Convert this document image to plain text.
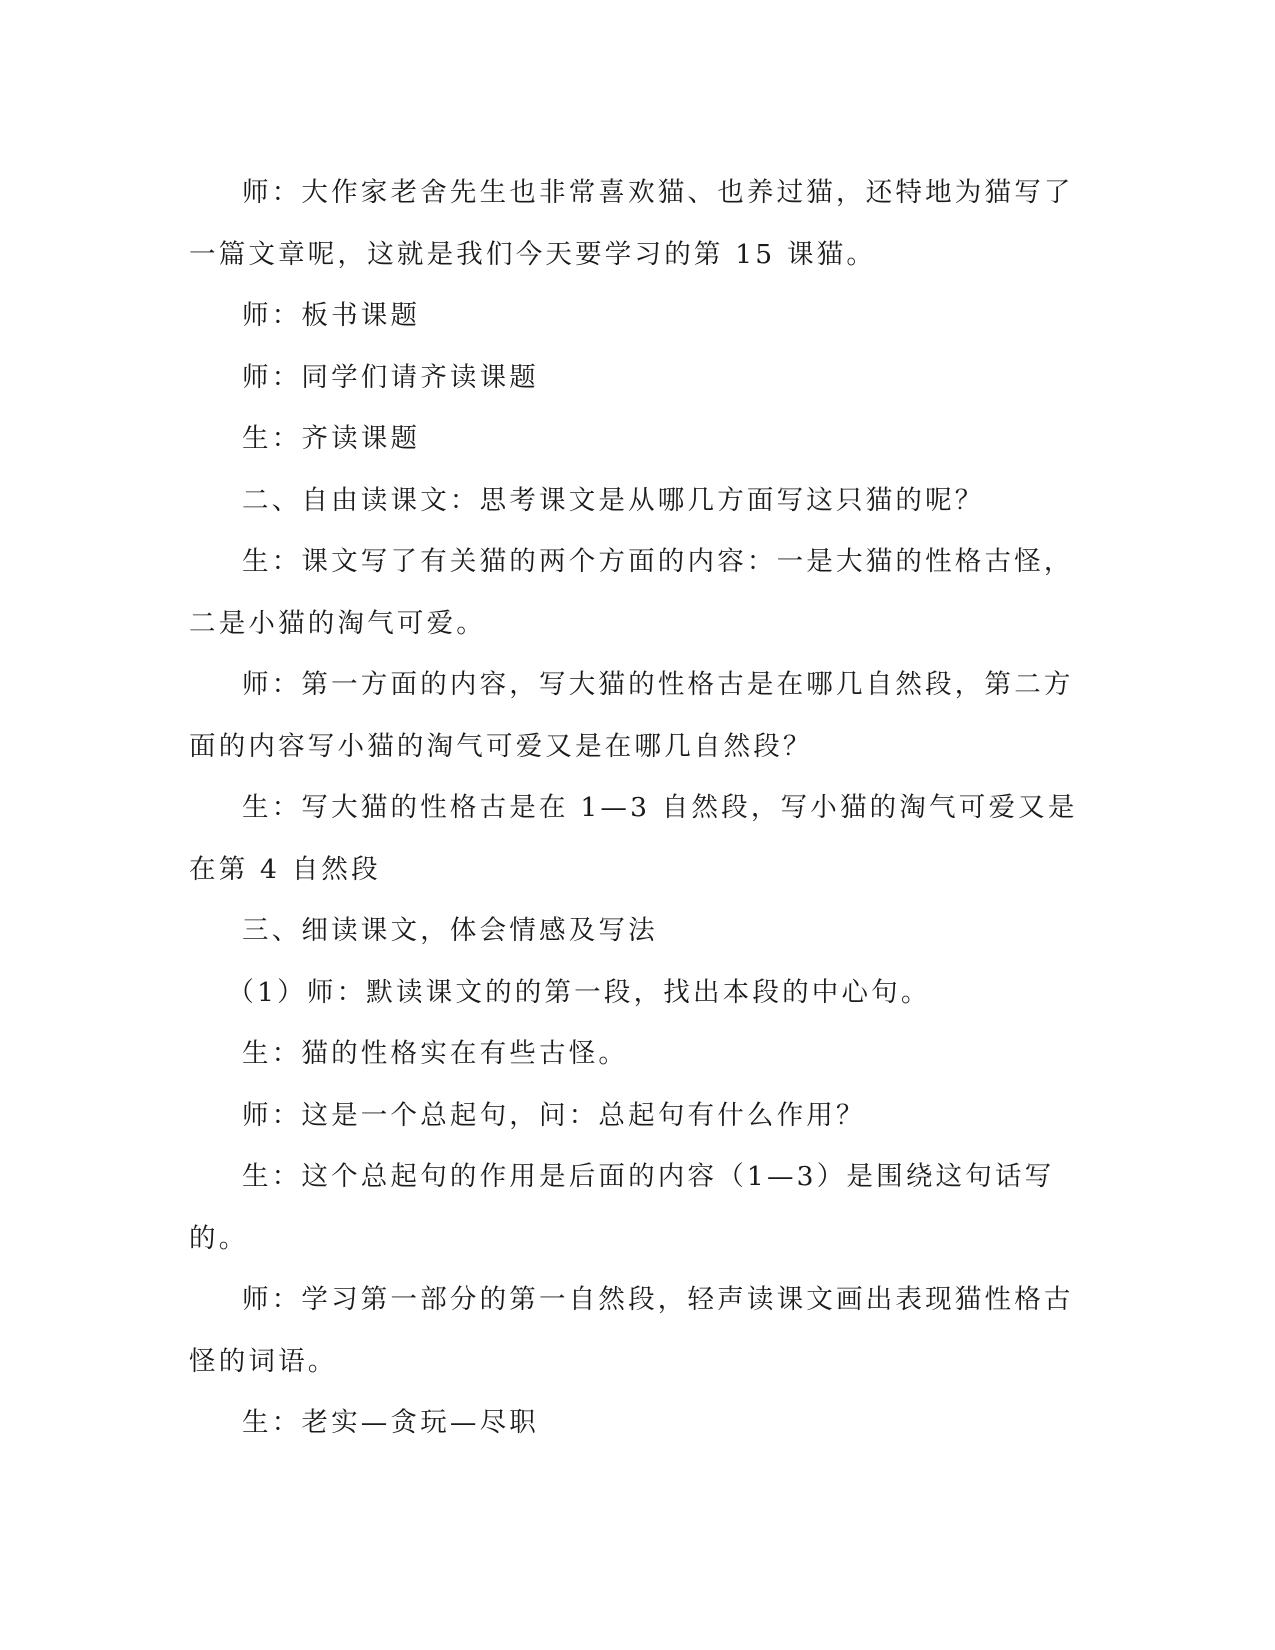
师：大作家老舍先生也非常喜欢猫、也养过猫，还特地为猫写了一篇文章呢，这就是我们今天要学习的第 15 课猫。

师：板书课题

师：同学们请齐读课题

生：齐读课题

二、自由读课文：思考课文是从哪几方面写这只猫的呢？

生：课文写了有关猫的两个方面的内容：一是大猫的性格古怪，二是小猫的淘气可爱。

师：第一方面的内容，写大猫的性格古是在哪几自然段，第二方面的内容写小猫的淘气可爱又是在哪几自然段？

生：写大猫的性格古是在 1—3 自然段，写小猫的淘气可爱又是在第 4 自然段

三、细读课文，体会情感及写法

（1）师：默读课文的的第一段，找出本段的中心句。

生：猫的性格实在有些古怪。

师：这是一个总起句，问：总起句有什么作用？

生：这个总起句的作用是后面的内容（1—3）是围绕这句话写的。

师：学习第一部分的第一自然段，轻声读课文画出表现猫性格古怪的词语。

生：老实—贪玩—尽职
